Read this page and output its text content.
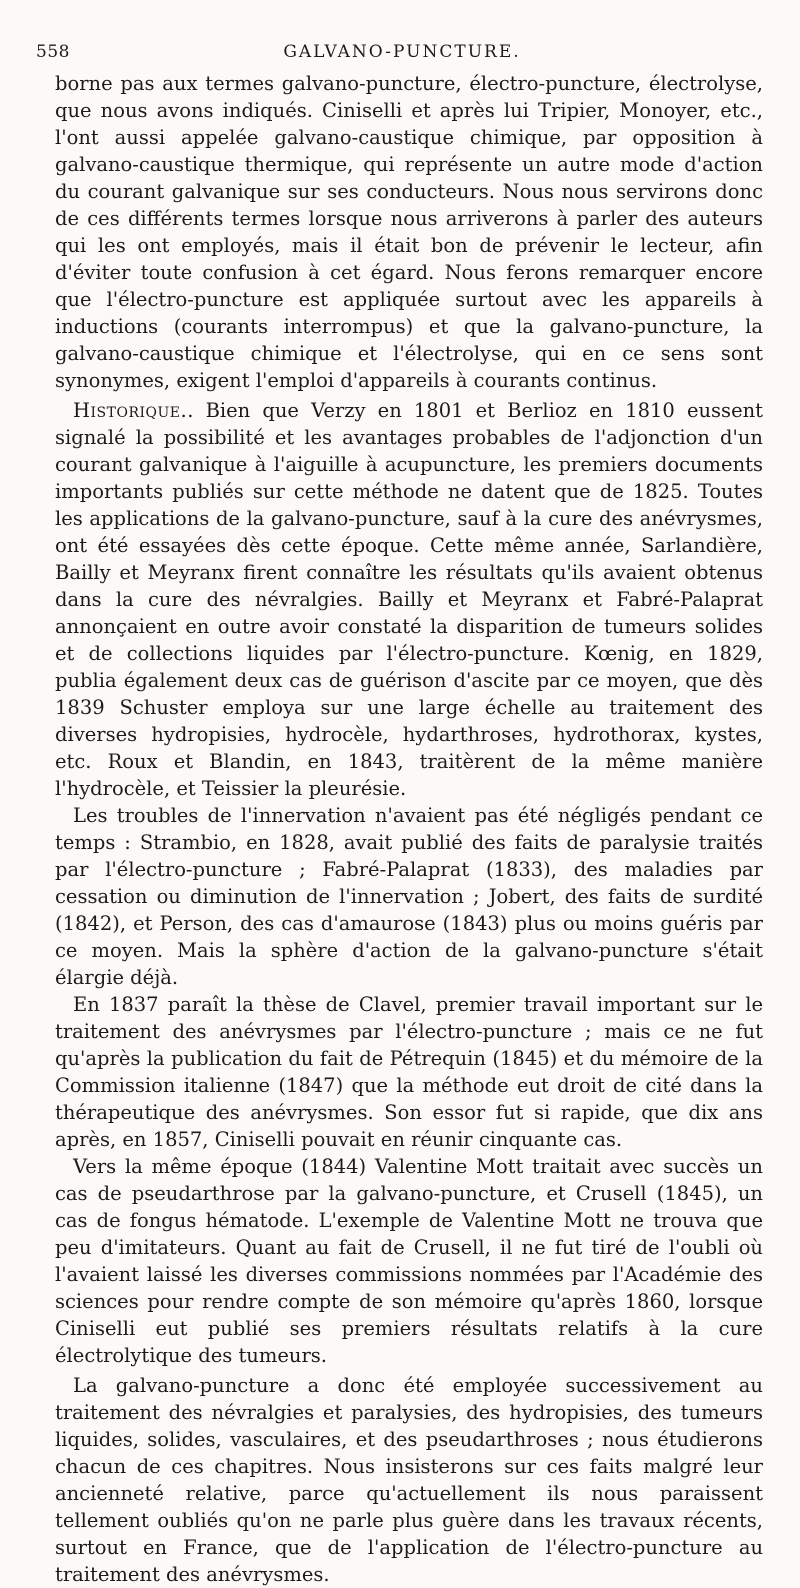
558	GALVANO-PUNCTURE.

borne pas aux termes galvano-puncture, électro-puncture, électrolyse, que nous avons indiqués. Ciniselli et après lui Tripier, Monoyer, etc., l'ont aussi appelée galvano-caustique chimique, par opposition à galvano-caustique thermique, qui représente un autre mode d'action du courant galvanique sur ses conducteurs. Nous nous servirons donc de ces différents termes lorsque nous arriverons à parler des auteurs qui les ont employés, mais il était bon de prévenir le lecteur, afin d'éviter toute confusion à cet égard. Nous ferons remarquer encore que l'électro-puncture est appliquée surtout avec les appareils à inductions (courants interrompus) et que la galvano-puncture, la galvano-caustique chimique et l'électrolyse, qui en ce sens sont synonymes, exigent l'emploi d'appareils à courants continus.

Historique.. Bien que Verzy en 1801 et Berlioz en 1810 eussent signalé la possibilité et les avantages probables de l'adjonction d'un courant galvanique à l'aiguille à acupuncture, les premiers documents importants publiés sur cette méthode ne datent que de 1825. Toutes les applications de la galvano-puncture, sauf à la cure des anévrysmes, ont été essayées dès cette époque. Cette même année, Sarlandière, Bailly et Meyranx firent connaître les résultats qu'ils avaient obtenus dans la cure des névralgies. Bailly et Meyranx et Fabré-Palaprat annonçaient en outre avoir constaté la disparition de tumeurs solides et de collections liquides par l'électro-puncture. Kœnig, en 1829, publia également deux cas de guérison d'ascite par ce moyen, que dès 1839 Schuster employa sur une large échelle au traitement des diverses hydropisies, hydrocèle, hydarthroses, hydrothorax, kystes, etc. Roux et Blandin, en 1843, traitèrent de la même manière l'hydrocèle, et Teissier la pleurésie.

Les troubles de l'innervation n'avaient pas été négligés pendant ce temps : Strambio, en 1828, avait publié des faits de paralysie traités par l'électro-puncture ; Fabré-Palaprat (1833), des maladies par cessation ou diminution de l'innervation ; Jobert, des faits de surdité (1842), et Person, des cas d'amaurose (1843) plus ou moins guéris par ce moyen. Mais la sphère d'action de la galvano-puncture s'était élargie déjà.

En 1837 paraît la thèse de Clavel, premier travail important sur le traitement des anévrysmes par l'électro-puncture ; mais ce ne fut qu'après la publication du fait de Pétrequin (1845) et du mémoire de la Commission italienne (1847) que la méthode eut droit de cité dans la thérapeutique des anévrysmes. Son essor fut si rapide, que dix ans après, en 1857, Ciniselli pouvait en réunir cinquante cas.

Vers la même époque (1844) Valentine Mott traitait avec succès un cas de pseudarthrose par la galvano-puncture, et Crusell (1845), un cas de fongus hématode. L'exemple de Valentine Mott ne trouva que peu d'imitateurs. Quant au fait de Crusell, il ne fut tiré de l'oubli où l'avaient laissé les diverses commissions nommées par l'Académie des sciences pour rendre compte de son mémoire qu'après 1860, lorsque Ciniselli eut publié ses premiers résultats relatifs à la cure électrolytique des tumeurs.

La galvano-puncture a donc été employée successivement au traitement des névralgies et paralysies, des hydropisies, des tumeurs liquides, solides, vasculaires, et des pseudarthroses ; nous étudierons chacun de ces chapitres. Nous insisterons sur ces faits malgré leur ancienneté relative, parce qu'actuellement ils nous paraissent tellement oubliés qu'on ne parle plus guère dans les travaux récents, surtout en France, que de l'application de l'électro-puncture au traitement des anévrysmes.
